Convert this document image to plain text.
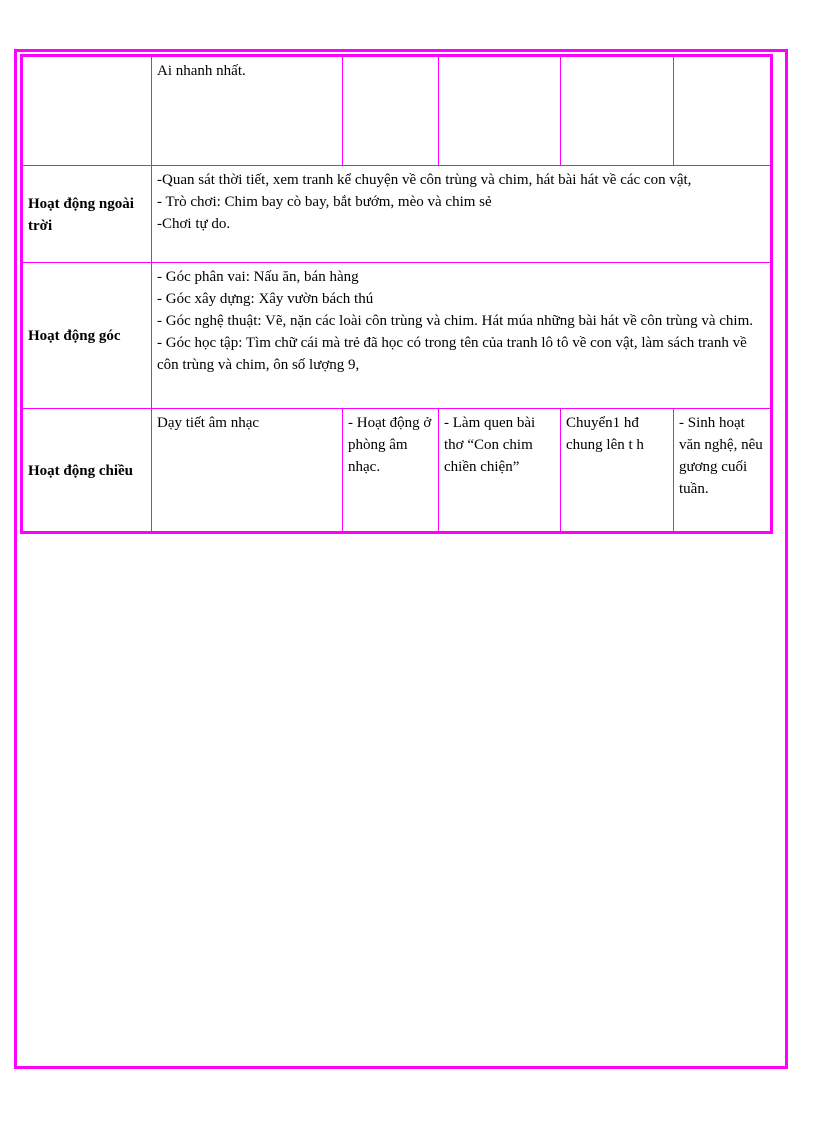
	Ai nhanh nhất.				
Hoạt động ngoài trời	-Quan sát thời tiết, xem tranh kể chuyện về côn trùng và chim, hát bài hát về các con vật,
- Trò chơi: Chim bay cò bay, bắt bướm, mèo và chim sẻ
-Chơi tự do.				

Hoạt động góc	- Góc phân vai: Nấu ăn, bán hàng
- Góc xây dựng: Xây vườn bách thú
- Góc nghệ thuật: Vẽ, nặn các loài côn trùng và chim. Hát múa những bài hát về côn trùng và chim.
- Góc học tập: Tìm chữ cái mà trẻ đã học có trong tên của tranh lô tô về con vật, làm sách tranh về côn trùng và chim, ôn số lượng 9,				

Hoạt động chiều	Dạy tiết âm nhạc	- Hoạt động ở phòng âm nhạc.	- Làm quen bài thơ “Con chim chiền chiện”	Chuyển1 hđ chung lên t h	- Sinh hoạt văn nghệ, nêu gương cuối tuần.
